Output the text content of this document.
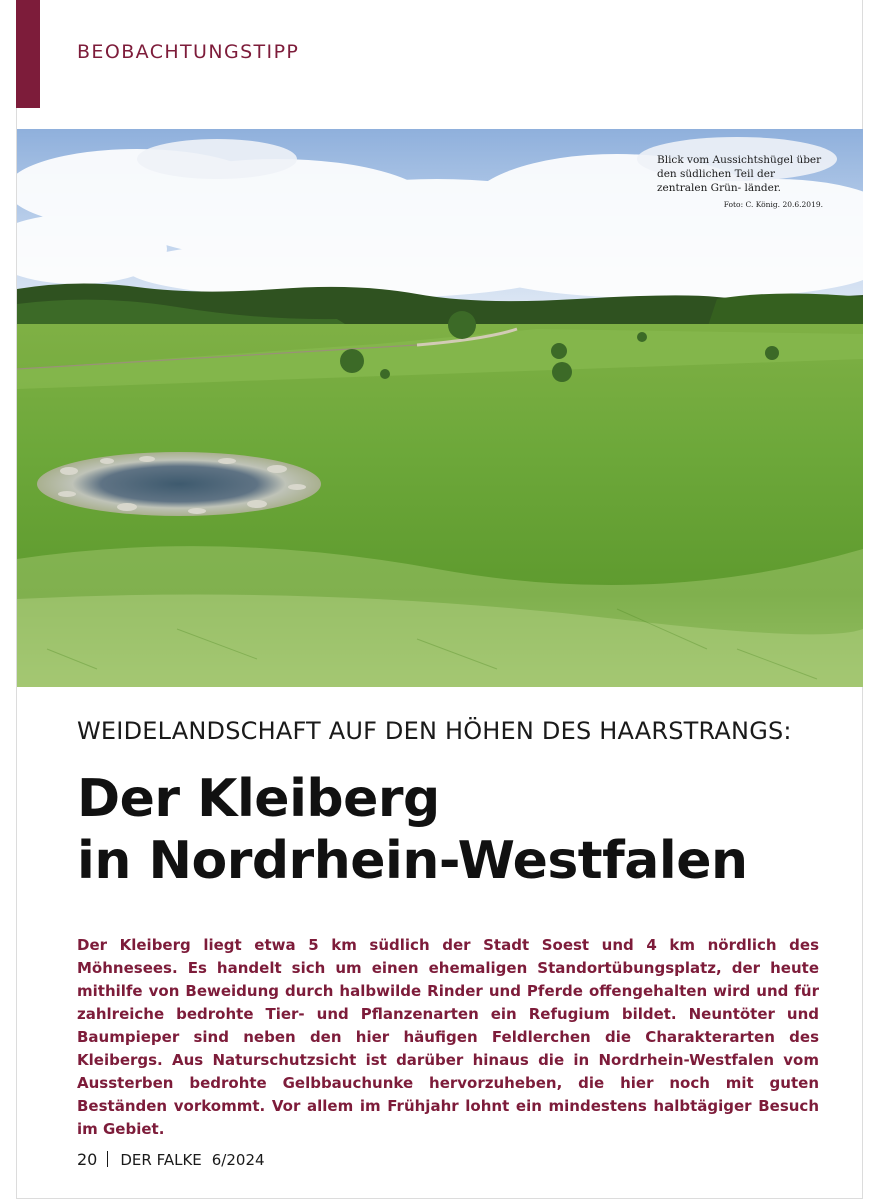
BEOBACHTUNGSTIPP
Blick vom Aussichtshügel über den südlichen Teil der zentralen Grün- länder.
Foto: C. König. 20.6.2019.
WEIDELANDSCHAFT AUF DEN HÖHEN DES HAARSTRANGS:
Der Kleiberg
in Nordrhein-Westfalen

Der Kleiberg liegt etwa 5 km südlich der Stadt Soest und 4 km nördlich des Möhnesees. Es handelt sich um einen ehemaligen Standortübungsplatz, der heute mithilfe von Beweidung durch halbwilde Rinder und Pferde offengehalten wird und für zahlreiche bedrohte Tier- und Pflanzenarten ein Refugium bildet. Neuntöter und Baumpieper sind neben den hier häufigen Feldlerchen die Charakterarten des Kleibergs. Aus Naturschutzsicht ist darüber hinaus die in Nordrhein-Westfalen vom Aussterben bedrohte Gelbbauchunke hervorzuheben, die hier noch mit guten Beständen vorkommt. Vor allem im Frühjahr lohnt ein mindestens halbtägiger Besuch im Gebiet.

20 DER FALKE 6/2024
